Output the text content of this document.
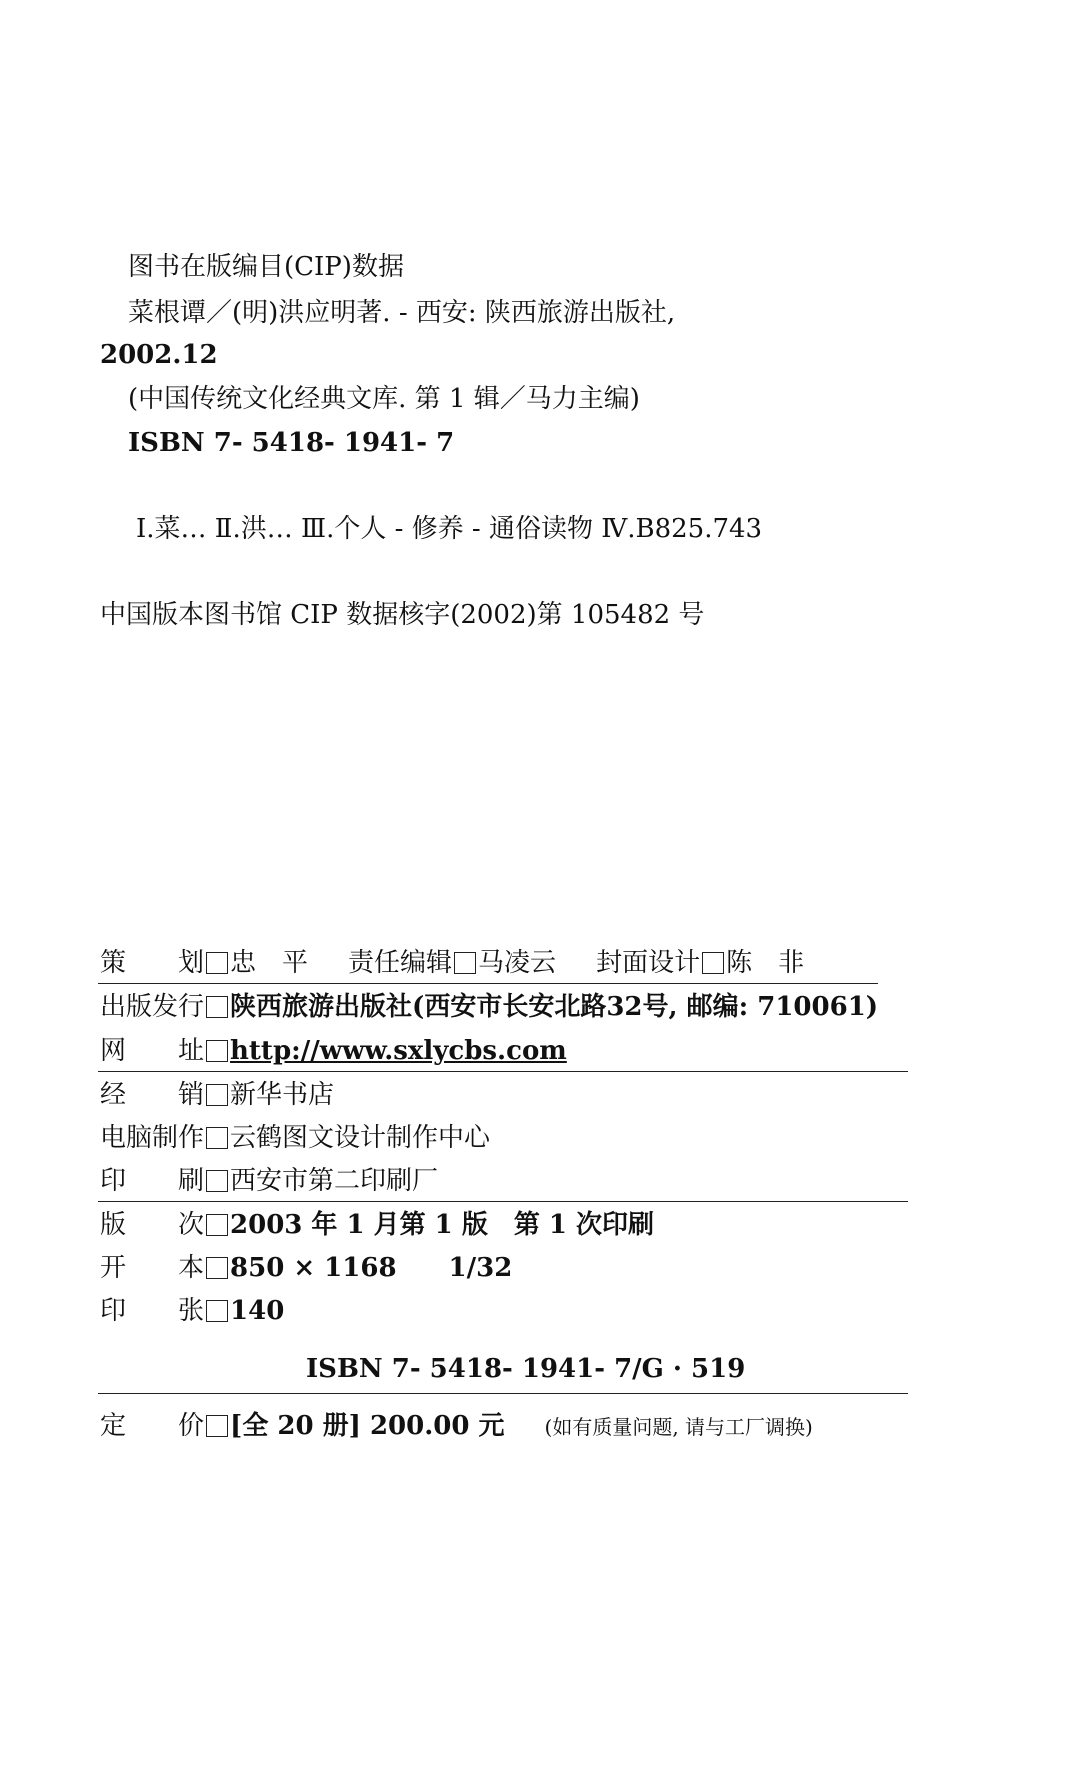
图书在版编目(CIP)数据
菜根谭／(明)洪应明著. - 西安: 陕西旅游出版社,
2002.12
(中国传统文化经典文库. 第 1 辑／马力主编)
ISBN 7- 5418- 1941- 7
Ⅰ.菜… Ⅱ.洪… Ⅲ.个人 - 修养 - 通俗读物 Ⅳ.B825.743
中国版本图书馆 CIP 数据核字(2002)第 105482 号
策　　划 忠　平 责任编辑 马凌云 封面设计 陈　非
出版发行 陕西旅游出版社(西安市长安北路32号, 邮编: 710061)
网　　址 http://www.sxlycbs.com
经　　销 新华书店
电脑制作 云鹤图文设计制作中心
印　　刷 西安市第二印刷厂
版　　次 2003 年 1 月第 1 版　第 1 次印刷
开　　本 850 × 1168　　1/32
印　　张 140
ISBN 7- 5418- 1941- 7/G · 519
定　　价 [全 20 册] 200.00 元 (如有质量问题, 请与工厂调换)
